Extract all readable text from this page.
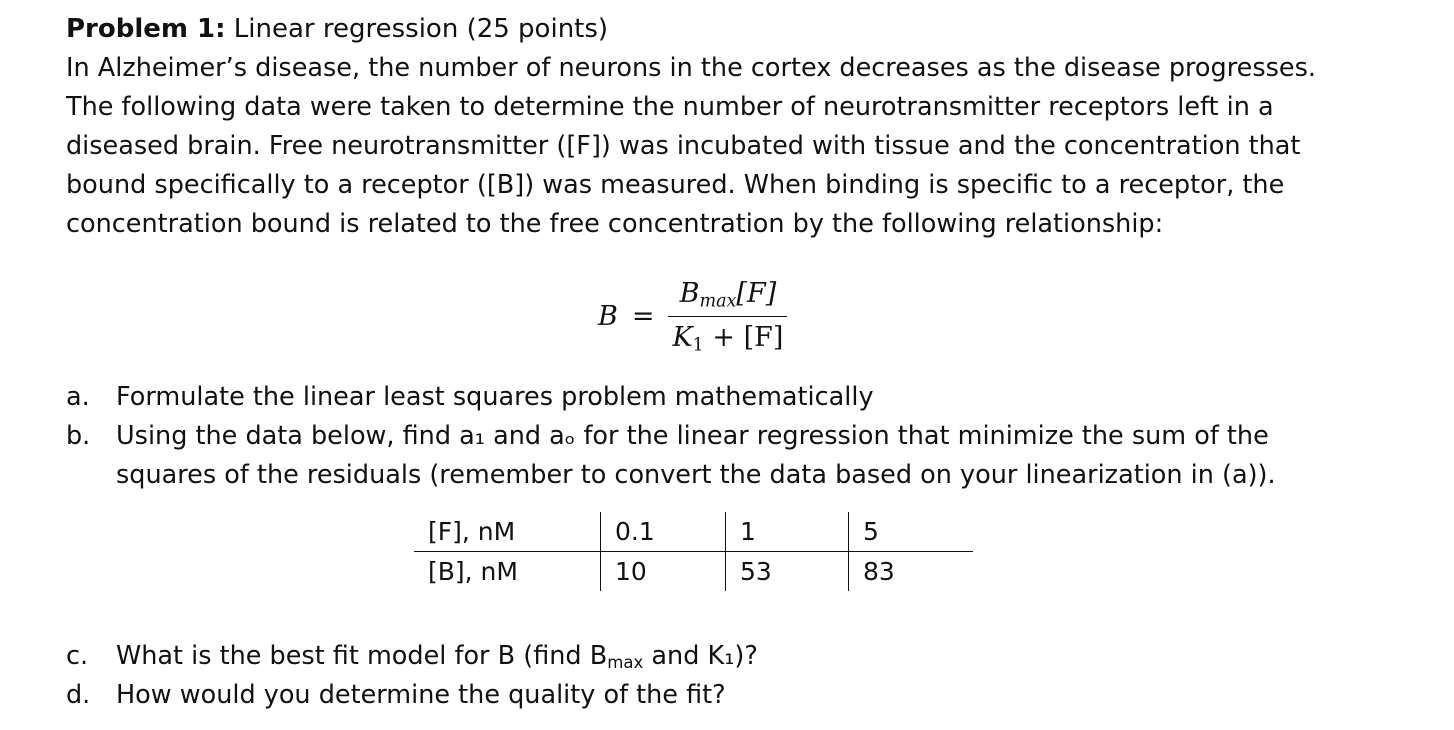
Problem 1: Linear regression (25 points)

In Alzheimer’s disease, the number of neurons in the cortex decreases as the disease progresses.

The following data were taken to determine the number of neurotransmitter receptors left in a

diseased brain. Free neurotransmitter ([F]) was incubated with tissue and the concentration that

bound specifically to a receptor ([B]) was measured. When binding is specific to a receptor, the

concentration bound is related to the free concentration by the following relationship:

$B = \frac{B_{max}[F]}{K_1 + [F]}$
a.	Formulate the linear least squares problem mathematically
b.	Using the data below, find a₁ and aₒ for the linear regression that minimize the sum of the
squares of the residuals (remember to convert the data based on your linearization in (a)).
[F], nM	0.1	1	5
[B], nM	10	53	83
c.	What is the best fit model for B (find $B_{max}$ and K₁)?
d.	How would you determine the quality of the fit?
